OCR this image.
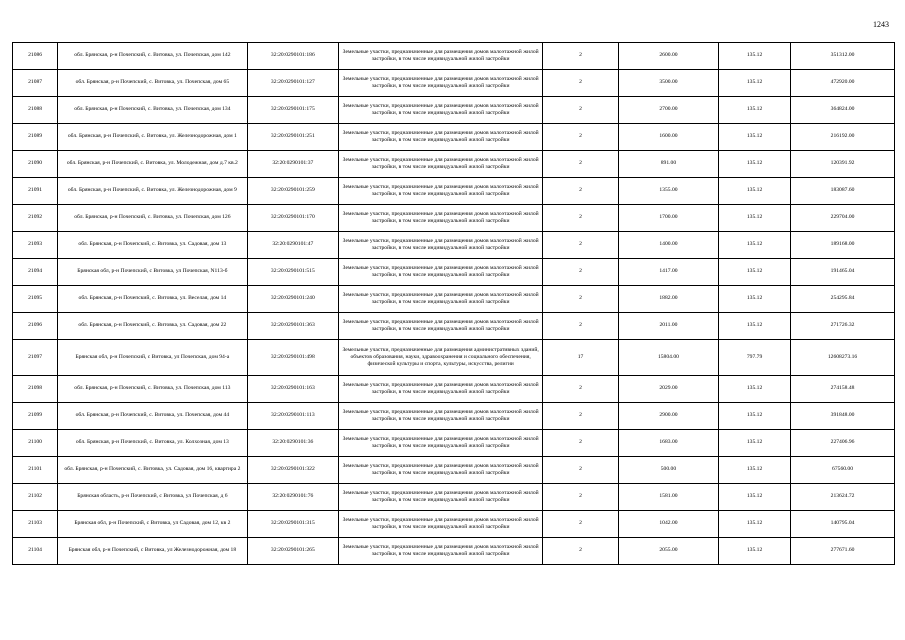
1243
21086	обл. Брянская, р-н Почепский, с. Витовка, ул. Почепская, дом 142	32:20:0290101:186	Земельные участки, предназначенные для размещения домов малоэтажной жилой застройки, в том числе индивидуальной жилой застройки	2	2600.00	135.12	351312.00
21087	обл. Брянская, р-н Почепский, с. Витовка, ул. Почепская, дом 65	32:20:0290101:127	Земельные участки, предназначенные для размещения домов малоэтажной жилой застройки, в том числе индивидуальной жилой застройки	2	3500.00	135.12	472920.00
21088	обл. Брянская, р-н Почепский, с. Витовка, ул. Почепская, дом 134	32:20:0290101:175	Земельные участки, предназначенные для размещения домов малоэтажной жилой застройки, в том числе индивидуальной жилой застройки	2	2700.00	135.12	364824.00
21089	обл. Брянская, р-н Почепский, с. Витовка, ул. Железнодорожная, дом 1	32:20:0290101:251	Земельные участки, предназначенные для размещения домов малоэтажной жилой застройки, в том числе индивидуальной жилой застройки	2	1600.00	135.12	216192.00
21090	обл. Брянская, р-н Почепский, с. Витовка, ул. Молодежная, дом д.7 кв.2	32:20:0290101:37	Земельные участки, предназначенные для размещения домов малоэтажной жилой застройки, в том числе индивидуальной жилой застройки	2	891.00	135.12	120391.92
21091	обл. Брянская, р-н Почепский, с. Витовка, ул. Железнодорожная, дом 9	32:20:0290101:259	Земельные участки, предназначенные для размещения домов малоэтажной жилой застройки, в том числе индивидуальной жилой застройки	2	1355.00	135.12	183087.60
21092	обл. Брянская, р-н Почепский, с. Витовка, ул. Почепская, дом 126	32:20:0290101:170	Земельные участки, предназначенные для размещения домов малоэтажной жилой застройки, в том числе индивидуальной жилой застройки	2	1700.00	135.12	229704.00
21093	обл. Брянская, р-н Почепский, с. Витовка, ул. Садовая, дом 13	32:20:0290101:47	Земельные участки, предназначенные для размещения домов малоэтажной жилой застройки, в том числе индивидуальной жилой застройки	2	1400.00	135.12	189168.00
21094	Брянская обл, р-н Почепский, с Витовка, ул Почепская, N113-б	32:20:0290101:515	Земельные участки, предназначенные для размещения домов малоэтажной жилой застройки, в том числе индивидуальной жилой застройки	2	1417.00	135.12	191465.04
21095	обл. Брянская, р-н Почепский, с. Витовка, ул. Веселая, дом 14	32:20:0290101:240	Земельные участки, предназначенные для размещения домов малоэтажной жилой застройки, в том числе индивидуальной жилой застройки	2	1882.00	135.12	254295.84
21096	обл. Брянская, р-н Почепский, с. Витовка, ул. Садовая, дом 22	32:20:0290101:363	Земельные участки, предназначенные для размещения домов малоэтажной жилой застройки, в том числе индивидуальной жилой застройки	2	2011.00	135.12	271726.32
21097	Брянская обл, р-н Почепский, с Витовка, ул Почепская, дом 94-а	32:20:0290101:498	Земельные участки, предназначенные для размещения административных зданий, объектов образования, науки, здравоохранения и социального обеспечения, физической культуры и спорта, культуры, искусства, религии	17	15804.00	797.79	12608273.16
21098	обл. Брянская, р-н Почепский, с. Витовка, ул. Почепская, дом 113	32:20:0290101:163	Земельные участки, предназначенные для размещения домов малоэтажной жилой застройки, в том числе индивидуальной жилой застройки	2	2029.00	135.12	274158.48
21099	обл. Брянская, р-н Почепский, с. Витовка, ул. Почепская, дом 44	32:20:0290101:113	Земельные участки, предназначенные для размещения домов малоэтажной жилой застройки, в том числе индивидуальной жилой застройки	2	2900.00	135.12	391848.00
21100	обл. Брянская, р-н Почепский, с. Витовка, ул. Колхозная, дом 13	32:20:0290101:36	Земельные участки, предназначенные для размещения домов малоэтажной жилой застройки, в том числе индивидуальной жилой застройки	2	1683.00	135.12	227406.96
21101	обл. Брянская, р-н Почепский, с. Витовка, ул. Садовая, дом 16, квартира 2	32:20:0290101:322	Земельные участки, предназначенные для размещения домов малоэтажной жилой застройки, в том числе индивидуальной жилой застройки	2	500.00	135.12	67560.00
21102	Брянская область, р-н Почепский, с Витовка, ул Почепская, д 6	32:20:0290101:76	Земельные участки, предназначенные для размещения домов малоэтажной жилой застройки, в том числе индивидуальной жилой застройки	2	1581.00	135.12	213624.72
21103	Брянская обл, р-н Почепский, с Витовка, ул Садовая, дом 12, кв 2	32:20:0290101:315	Земельные участки, предназначенные для размещения домов малоэтажной жилой застройки, в том числе индивидуальной жилой застройки	2	1042.00	135.12	140795.04
21104	Брянская обл, р-н Почепский, с Витовка, ул Железнодорожная, дом 18	32:20:0290101:265	Земельные участки, предназначенные для размещения домов малоэтажной жилой застройки, в том числе индивидуальной жилой застройки	2	2055.00	135.12	277671.60
